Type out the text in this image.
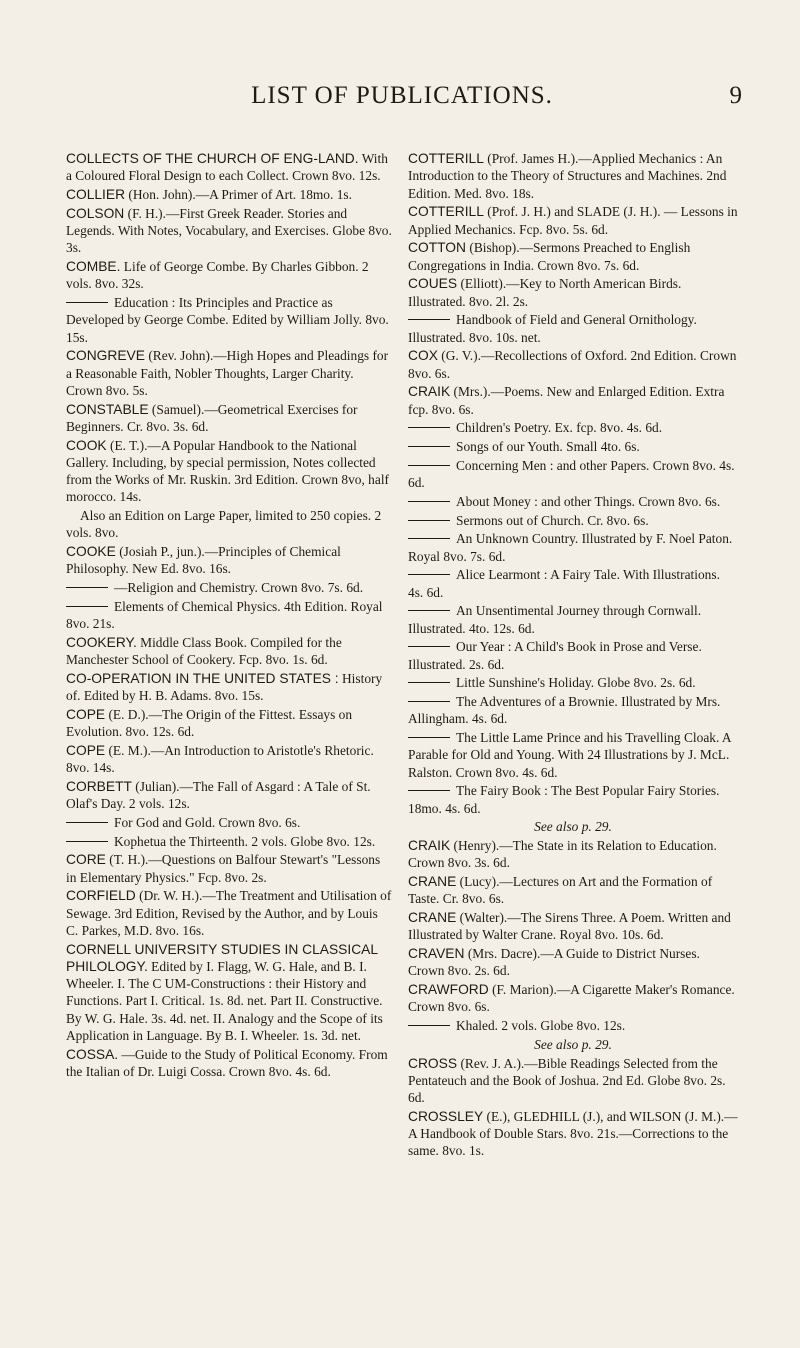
LIST OF PUBLICATIONS.	9
COLLECTS OF THE CHURCH OF ENG-LAND. With a Coloured Floral Design to each Collect. Crown 8vo. 12s.
COLLIER (Hon. John).—A Primer of Art. 18mo. 1s.
COLSON (F. H.).—First Greek Reader. Stories and Legends. With Notes, Vocabulary, and Exercises. Globe 8vo. 3s.
COMBE. Life of George Combe. By Charles Gibbon. 2 vols. 8vo. 32s.
Education : Its Principles and Practice as Developed by George Combe. Edited by William Jolly. 8vo. 15s.
CONGREVE (Rev. John).—High Hopes and Pleadings for a Reasonable Faith, Nobler Thoughts, Larger Charity. Crown 8vo. 5s.
CONSTABLE (Samuel).—Geometrical Exercises for Beginners. Cr. 8vo. 3s. 6d.
COOK (E. T.).—A Popular Handbook to the National Gallery. Including, by special permission, Notes collected from the Works of Mr. Ruskin. 3rd Edition. Crown 8vo, half morocco. 14s.
Also an Edition on Large Paper, limited to 250 copies. 2 vols. 8vo.
COOKE (Josiah P., jun.).—Principles of Chemical Philosophy. New Ed. 8vo. 16s.
—Religion and Chemistry. Crown 8vo. 7s. 6d.
Elements of Chemical Physics. 4th Edition. Royal 8vo. 21s.
COOKERY. Middle Class Book. Compiled for the Manchester School of Cookery. Fcp. 8vo. 1s. 6d.
CO-OPERATION IN THE UNITED STATES : History of. Edited by H. B. Adams. 8vo. 15s.
COPE (E. D.).—The Origin of the Fittest. Essays on Evolution. 8vo. 12s. 6d.
COPE (E. M.).—An Introduction to Aristotle's Rhetoric. 8vo. 14s.
CORBETT (Julian).—The Fall of Asgard : A Tale of St. Olaf's Day. 2 vols. 12s.
For God and Gold. Crown 8vo. 6s.
Kophetua the Thirteenth. 2 vols. Globe 8vo. 12s.
CORE (T. H.).—Questions on Balfour Stewart's "Lessons in Elementary Physics." Fcp. 8vo. 2s.
CORFIELD (Dr. W. H.).—The Treatment and Utilisation of Sewage. 3rd Edition, Revised by the Author, and by Louis C. Parkes, M.D. 8vo. 16s.
CORNELL UNIVERSITY STUDIES IN CLASSICAL PHILOLOGY. Edited by I. Flagg, W. G. Hale, and B. I. Wheeler. I. The C UM-Constructions : their History and Functions. Part I. Critical. 1s. 8d. net. Part II. Constructive. By W. G. Hale. 3s. 4d. net. II. Analogy and the Scope of its Application in Language. By B. I. Wheeler. 1s. 3d. net.
COSSA. —Guide to the Study of Political Economy. From the Italian of Dr. Luigi Cossa. Crown 8vo. 4s. 6d.
COTTERILL (Prof. James H.).—Applied Mechanics : An Introduction to the Theory of Structures and Machines. 2nd Edition. Med. 8vo. 18s.
COTTERILL (Prof. J. H.) and SLADE (J. H.). — Lessons in Applied Mechanics. Fcp. 8vo. 5s. 6d.
COTTON (Bishop).—Sermons Preached to English Congregations in India. Crown 8vo. 7s. 6d.
COUES (Elliott).—Key to North American Birds. Illustrated. 8vo. 2l. 2s.
Handbook of Field and General Ornithology. Illustrated. 8vo. 10s. net.
COX (G. V.).—Recollections of Oxford. 2nd Edition. Crown 8vo. 6s.
CRAIK (Mrs.).—Poems. New and Enlarged Edition. Extra fcp. 8vo. 6s.
Children's Poetry. Ex. fcp. 8vo. 4s. 6d.
Songs of our Youth. Small 4to. 6s.
Concerning Men : and other Papers. Crown 8vo. 4s. 6d.
About Money : and other Things. Crown 8vo. 6s.
Sermons out of Church. Cr. 8vo. 6s.
An Unknown Country. Illustrated by F. Noel Paton. Royal 8vo. 7s. 6d.
Alice Learmont : A Fairy Tale. With Illustrations. 4s. 6d.
An Unsentimental Journey through Cornwall. Illustrated. 4to. 12s. 6d.
Our Year : A Child's Book in Prose and Verse. Illustrated. 2s. 6d.
Little Sunshine's Holiday. Globe 8vo. 2s. 6d.
The Adventures of a Brownie. Illustrated by Mrs. Allingham. 4s. 6d.
The Little Lame Prince and his Travelling Cloak. A Parable for Old and Young. With 24 Illustrations by J. McL. Ralston. Crown 8vo. 4s. 6d.
The Fairy Book : The Best Popular Fairy Stories. 18mo. 4s. 6d.
See also p. 29.
CRAIK (Henry).—The State in its Relation to Education. Crown 8vo. 3s. 6d.
CRANE (Lucy).—Lectures on Art and the Formation of Taste. Cr. 8vo. 6s.
CRANE (Walter).—The Sirens Three. A Poem. Written and Illustrated by Walter Crane. Royal 8vo. 10s. 6d.
CRAVEN (Mrs. Dacre).—A Guide to District Nurses. Crown 8vo. 2s. 6d.
CRAWFORD (F. Marion).—A Cigarette Maker's Romance. Crown 8vo. 6s.
Khaled. 2 vols. Globe 8vo. 12s.
See also p. 29.
CROSS (Rev. J. A.).—Bible Readings Selected from the Pentateuch and the Book of Joshua. 2nd Ed. Globe 8vo. 2s. 6d.
CROSSLEY (E.), GLEDHILL (J.), and WILSON (J. M.).—A Handbook of Double Stars. 8vo. 21s.—Corrections to the same. 8vo. 1s.
